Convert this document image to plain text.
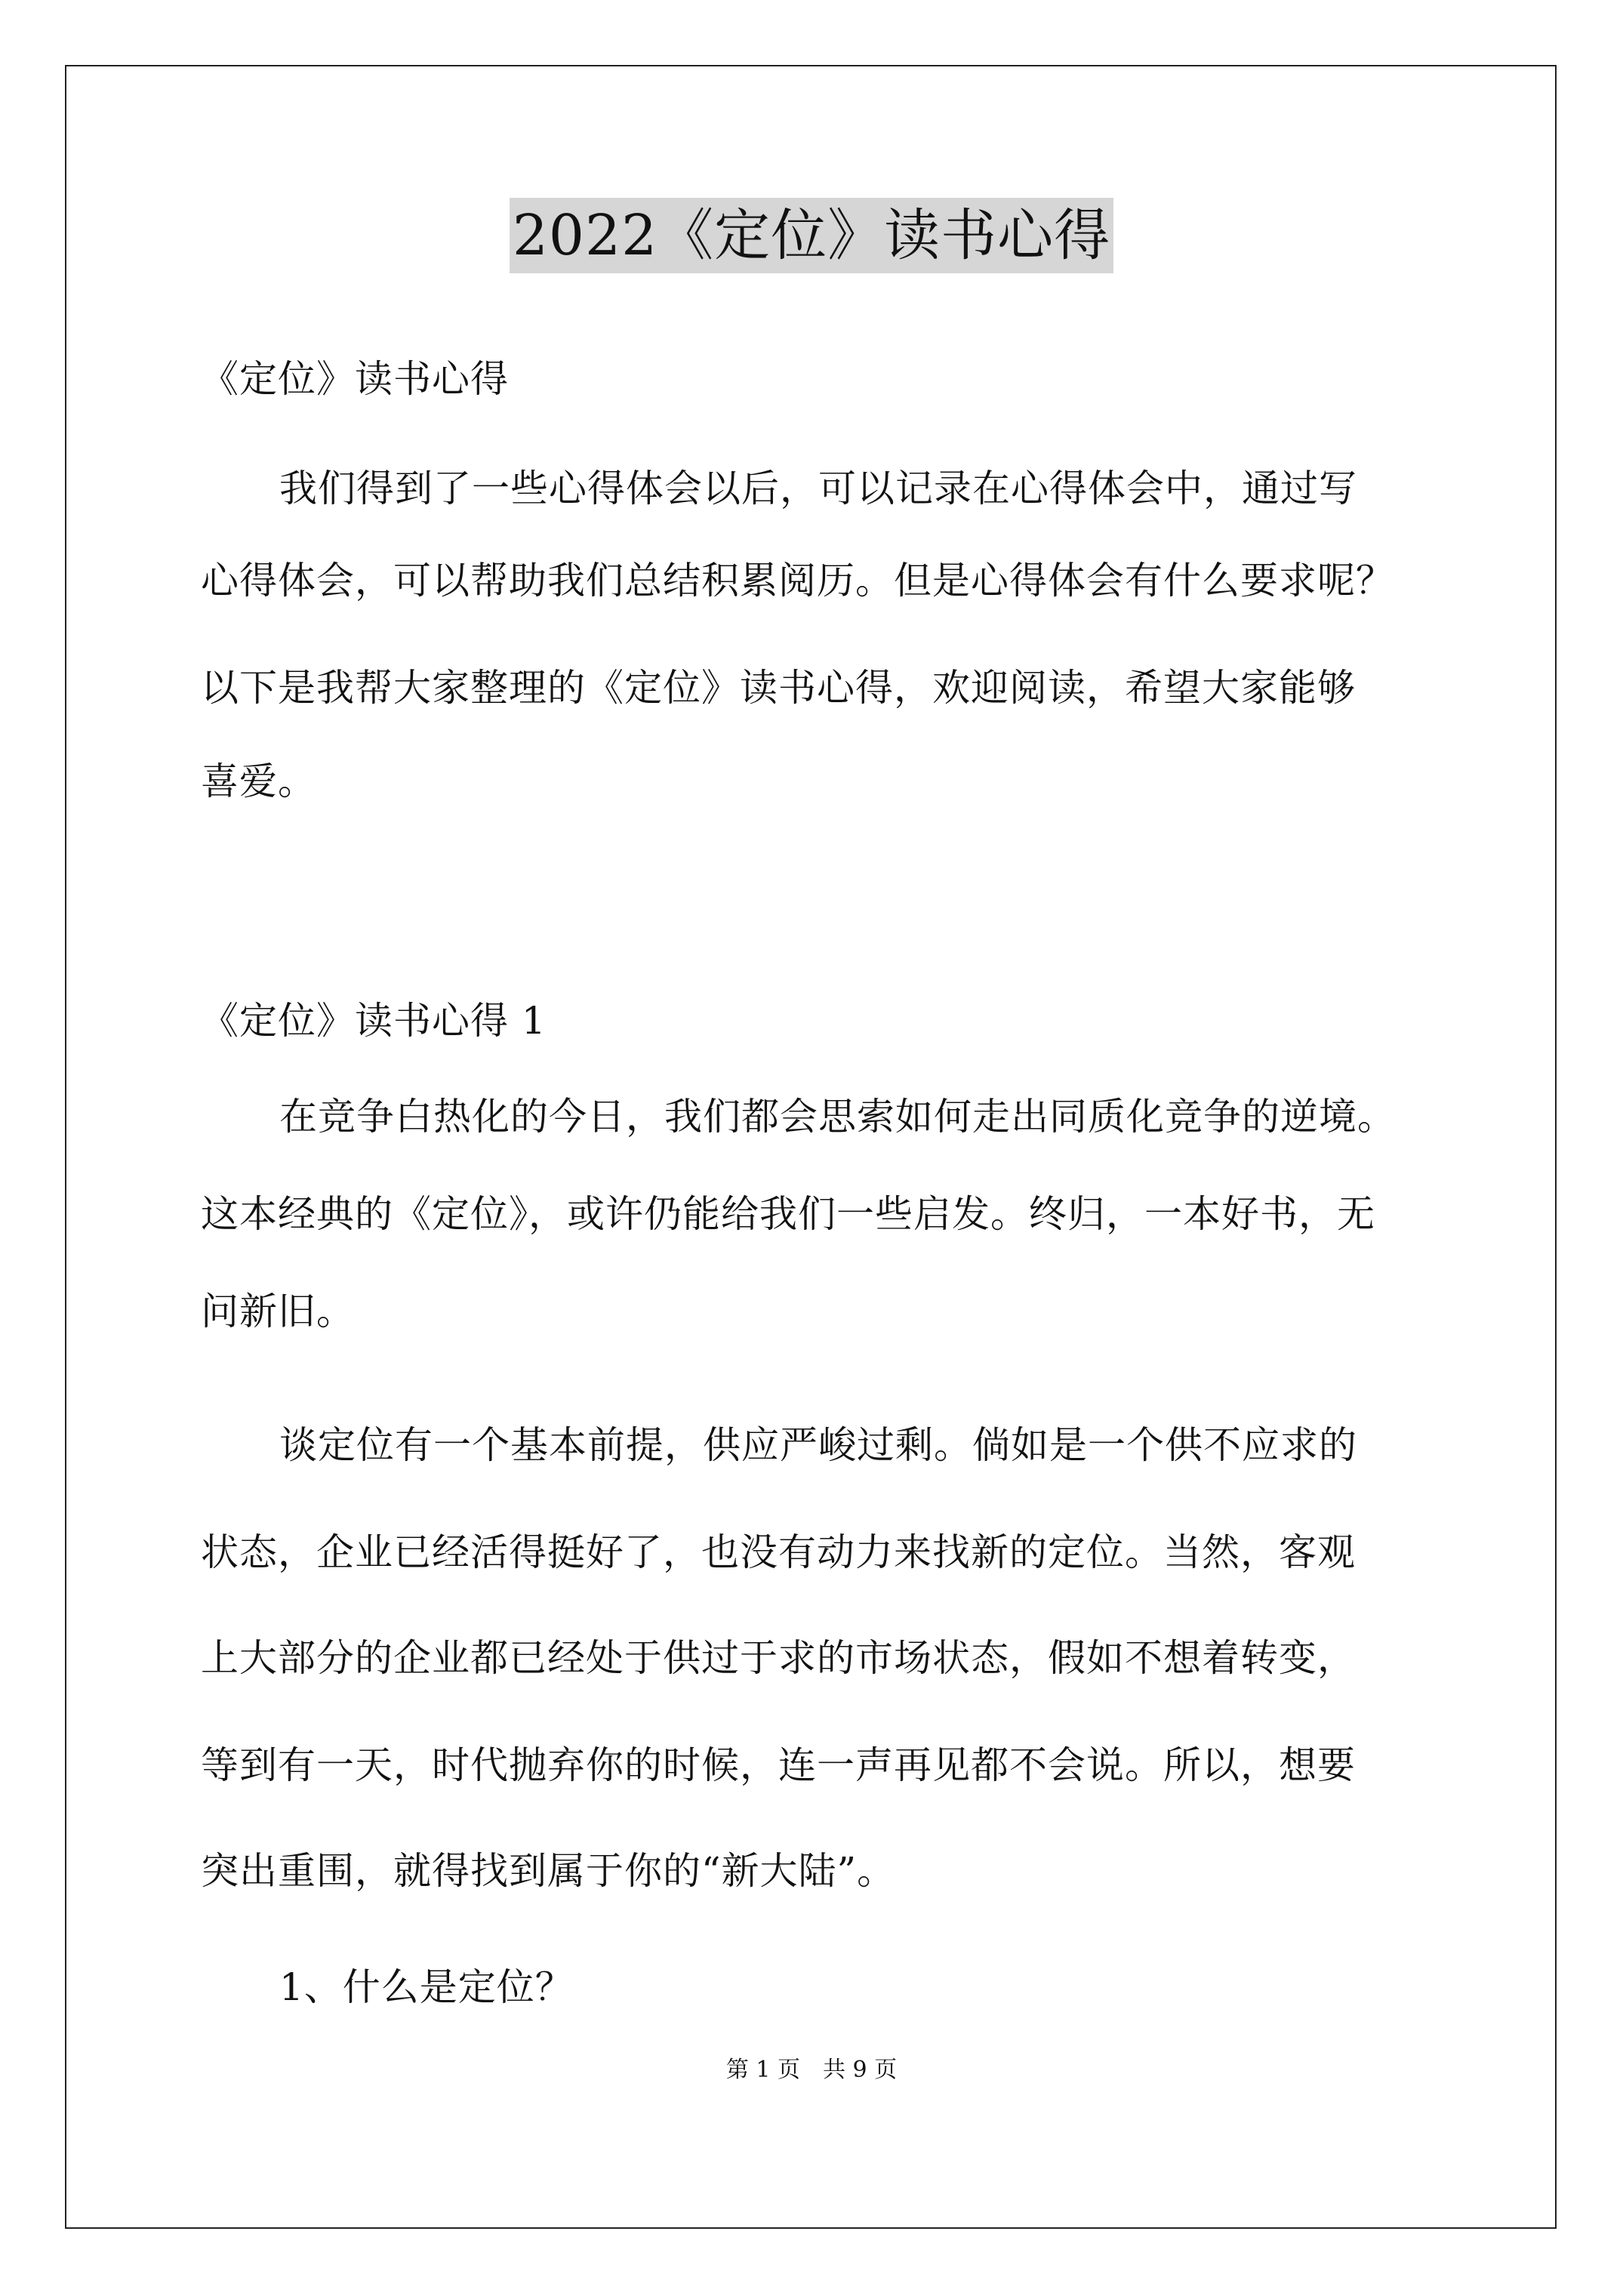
2022《定位》读书心得
《定位》读书心得
我们得到了一些心得体会以后，可以记录在心得体会中，通过写
心得体会，可以帮助我们总结积累阅历。但是心得体会有什么要求呢？
以下是我帮大家整理的《定位》读书心得，欢迎阅读，希望大家能够
喜爱。
《定位》读书心得 1
在竞争白热化的今日，我们都会思索如何走出同质化竞争的逆境。
这本经典的《定位》，或许仍能给我们一些启发。终归，一本好书，无
问新旧。
谈定位有一个基本前提，供应严峻过剩。倘如是一个供不应求的
状态，企业已经活得挺好了，也没有动力来找新的定位。当然，客观
上大部分的企业都已经处于供过于求的市场状态，假如不想着转变，
等到有一天，时代抛弃你的时候，连一声再见都不会说。所以，想要
突出重围，就得找到属于你的“新大陆”。
1、什么是定位？
第 1 页　共 9 页
